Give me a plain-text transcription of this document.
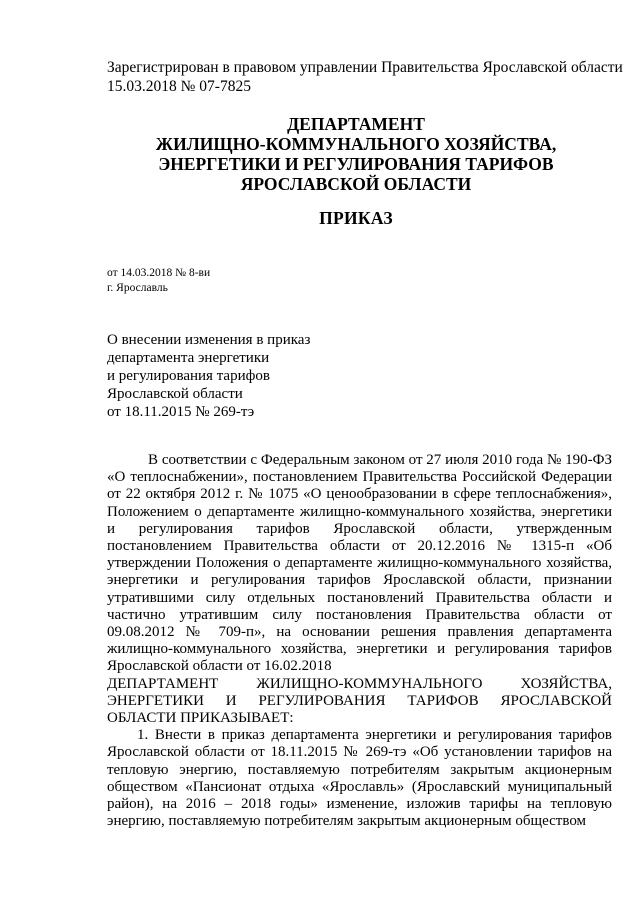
Зарегистрирован в правовом управлении Правительства Ярославской области
15.03.2018 № 07-7825
ДЕПАРТАМЕНТ
ЖИЛИЩНО-КОММУНАЛЬНОГО ХОЗЯЙСТВА,
ЭНЕРГЕТИКИ И РЕГУЛИРОВАНИЯ ТАРИФОВ
ЯРОСЛАВСКОЙ ОБЛАСТИ
ПРИКАЗ
от 14.03.2018 № 8-ви
г. Ярославль
О внесении изменения в приказ
департамента энергетики
и регулирования тарифов
Ярославской области
от 18.11.2015 № 269-тэ

В соответствии с Федеральным законом от 27 июля 2010 года № 190-ФЗ «О теплоснабжении», постановлением Правительства Российской Федерации от 22 октября 2012 г. № 1075 «О ценообразовании в сфере теплоснабжения», Положением о департаменте жилищно-коммунального хозяйства, энергетики и регулирования тарифов Ярославской области, утвержденным постановлением Правительства области от 20.12.2016 № 1315-п «Об утверждении Положения о департаменте жилищно-коммунального хозяйства, энергетики и регулирования тарифов Ярославской области, признании утратившими силу отдельных постановлений Правительства области и частично утратившим силу постановления Правительства области от 09.08.2012 № 709-п», на основании решения правления департамента жилищно-коммунального хозяйства, энергетики и регулирования тарифов Ярославской области от 16.02.2018

ДЕПАРТАМЕНТ ЖИЛИЩНО-КОММУНАЛЬНОГО ХОЗЯЙСТВА,
ЭНЕРГЕТИКИ И РЕГУЛИРОВАНИЯ ТАРИФОВ ЯРОСЛАВСКОЙ
ОБЛАСТИ ПРИКАЗЫВАЕТ:

1. Внести в приказ департамента энергетики и регулирования тарифов Ярославской области от 18.11.2015 № 269-тэ «Об установлении тарифов на тепловую энергию, поставляемую потребителям закрытым акционерным обществом «Пансионат отдыха «Ярославль» (Ярославский муниципальный район), на 2016 – 2018 годы» изменение, изложив тарифы на тепловую энергию, поставляемую потребителям закрытым акционерным обществом
